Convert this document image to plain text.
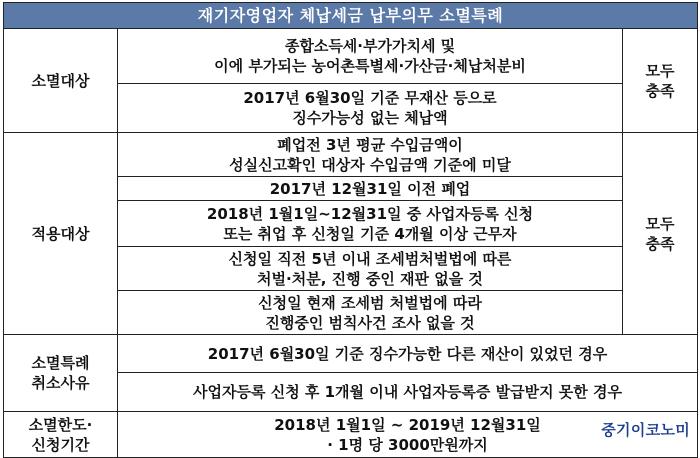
재기자영업자 체납세금 납부의무 소멸특례		

소멸대상	종합소득세·부가가치세 및
이에 부가되는 농어촌특별세·가산금·체납처분비	모두
충족

	2017년 6월30일 기준 무재산 등으로
징수가능성 없는 체납액	

적용대상	폐업전 3년 평균 수입금액이
성실신고확인 대상자 수입금액 기준에 미달	모두
충족

	2017년 12월31일 이전 폐업	

	2018년 1월1일~12월31일 중 사업자등록 신청
또는 취업 후 신청일 기준 4개월 이상 근무자	

	신청일 직전 5년 이내 조세범처벌법에 따른
처벌·처분, 진행 중인 재판 없을 것	

	신청일 현재 조세범 처벌법에 따라
진행중인 범칙사건 조사 없을 것	

소멸특례
취소사유	2017년 6월30일 기준 징수가능한 다른 재산이 있었던 경우	

	사업자등록 신청 후 1개월 이내 사업자등록증 발급받지 못한 경우	

소멸한도·
신청기간	2018년 1월1일 ~ 2019년 12월31일
· 1명 당 3000만원까지	
중기이코노미
